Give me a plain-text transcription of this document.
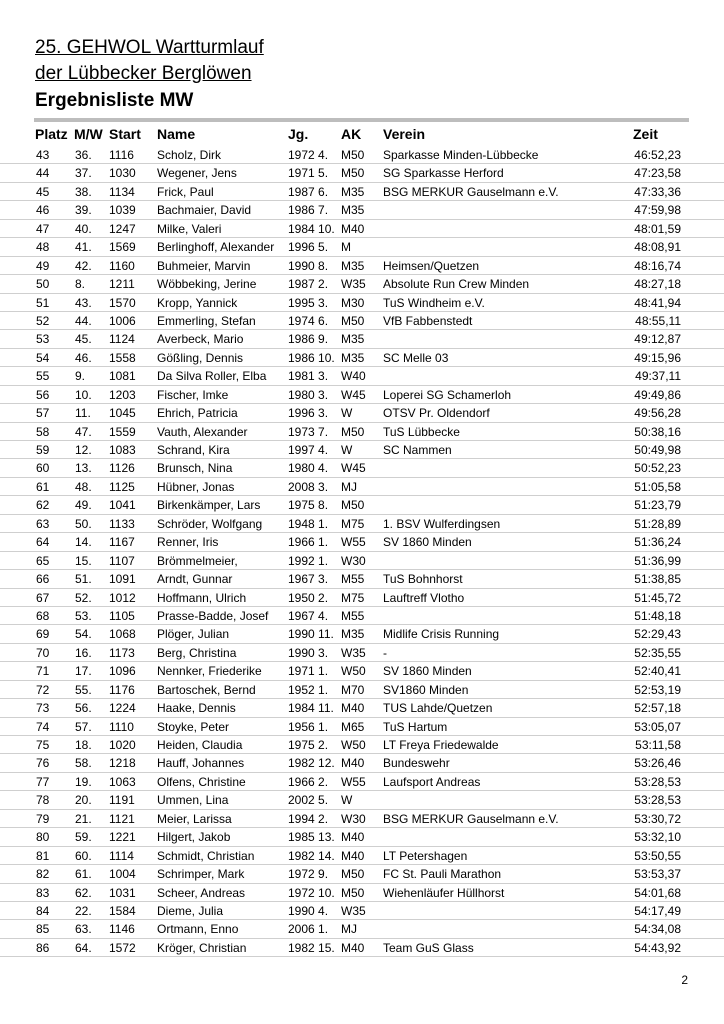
25. GEHWOL Wartturmlauf
der Lübbecker Berglöwen
Ergebnisliste MW
Platz M/W Start Name	Jg. AK Verein	Zeit
43 36. 1116 Scholz, Dirk	1972 4. M50 Sparkasse Minden-Lübbecke	46:52,23
44 37. 1030 Wegener, Jens	1971 5. M50 SG Sparkasse Herford	47:23,58
45 38. 1134 Frick, Paul	1987 6. M35 BSG MERKUR Gauselmann e.V.	47:33,36
46 39. 1039 Bachmaier, David	1986 7. M35	47:59,98
47 40. 1247 Milke, Valeri	1984 10. M40	48:01,59
48 41. 1569 Berlinghoff, Alexander 1996 5. M	48:08,91
49 42. 1160 Buhmeier, Marvin	1990 8. M35 Heimsen/Quetzen	48:16,74
50 8. 1211 Wöbbeking, Jerine	1987 2. W35 Absolute Run Crew Minden	48:27,18
51 43. 1570 Kropp, Yannick	1995 3. M30 TuS Windheim e.V.	48:41,94
52 44. 1006 Emmerling, Stefan	1974 6. M50 VfB Fabbenstedt	48:55,11
53 45. 1124 Averbeck, Mario	1986 9. M35	49:12,87
54 46. 1558 Gößling, Dennis	1986 10. M35 SC Melle 03	49:15,96
55 9. 1081 Da Silva Roller, Elba 1981 3. W40	49:37,11
56 10. 1203 Fischer, Imke	1980 3. W45 Loperei SG Schamerloh	49:49,86
57 11. 1045 Ehrich, Patricia	1996 3. W	OTSV Pr. Oldendorf	49:56,28
58 47. 1559 Vauth, Alexander	1973 7. M50 TuS Lübbecke	50:38,16
59 12. 1083 Schrand, Kira	1997 4. W	SC Nammen	50:49,98
60 13. 1126 Brunsch, Nina	1980 4. W45	50:52,23
61 48. 1125 Hübner, Jonas	2008 3. MJ	51:05,58
62 49. 1041 Birkenkämper, Lars 1975 8. M50	51:23,79
63 50. 1133 Schröder, Wolfgang 1948 1. M75 1. BSV Wulferdingsen	51:28,89
64 14. 1167 Renner, Iris	1966 1. W55 SV 1860 Minden	51:36,24
65 15. 1107 Brömmelmeier,	1992 1. W30	51:36,99
66 51. 1091 Arndt, Gunnar	1967 3. M55 TuS Bohnhorst	51:38,85
67 52. 1012 Hoffmann, Ulrich	1950 2. M75 Lauftreff Vlotho	51:45,72
68 53. 1105 Prasse-Badde, Josef 1967 4. M55	51:48,18
69 54. 1068 Plöger, Julian	1990 11. M35 Midlife Crisis Running	52:29,43
70 16. 1173 Berg, Christina	1990 3. W35 -	52:35,55
71 17. 1096 Nennker, Friederike 1971 1. W50 SV 1860 Minden	52:40,41
72 55. 1176 Bartoschek, Bernd	1952 1. M70 SV1860 Minden	52:53,19
73 56. 1224 Haake, Dennis	1984 11. M40 TUS Lahde/Quetzen	52:57,18
74 57. 1110 Stoyke, Peter	1956 1. M65 TuS Hartum	53:05,07
75 18. 1020 Heiden, Claudia	1975 2. W50 LT Freya Friedewalde	53:11,58
76 58. 1218 Hauff, Johannes	1982 12. M40 Bundeswehr	53:26,46
77 19. 1063 Olfens, Christine	1966 2. W55 Laufsport Andreas	53:28,53
78 20. 1191 Ummen, Lina	2002 5. W	53:28,53
79 21. 1121 Meier, Larissa	1994 2. W30 BSG MERKUR Gauselmann e.V.	53:30,72
80 59. 1221 Hilgert, Jakob	1985 13. M40	53:32,10
81 60. 1114 Schmidt, Christian	1982 14. M40 LT Petershagen	53:50,55
82 61. 1004 Schrimper, Mark	1972 9. M50 FC St. Pauli Marathon	53:53,37
83 62. 1031 Scheer, Andreas	1972 10. M50 Wiehenläufer Hüllhorst	54:01,68
84 22. 1584 Dieme, Julia	1990 4. W35	54:17,49
85 63. 1146 Ortmann, Enno	2006 1. MJ	54:34,08
86 64. 1572 Kröger, Christian	1982 15. M40 Team GuS Glass	54:43,92
2
